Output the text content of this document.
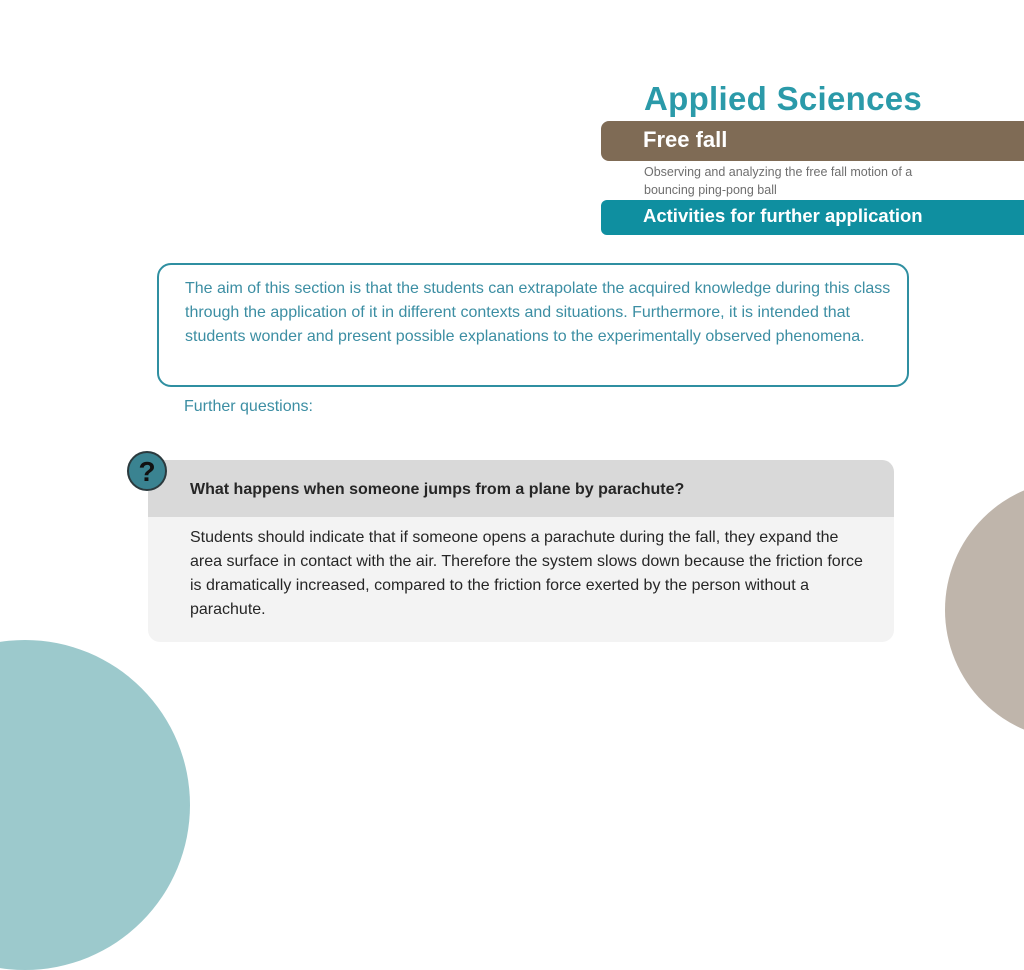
Applied Sciences
Free fall
Observing and analyzing the free fall motion of a bouncing ping-pong ball
Activities for further application

The aim of this section is that the students can extrapolate the acquired knowledge during this class through the application of it in different contexts and situations. Furthermore, it is intended that students wonder and present possible explanations to the experimentally observed phenomena.

Further questions:
What happens when someone jumps from a plane by parachute?
Students should indicate that if someone opens a parachute during the fall, they expand the area surface in contact with the air. Therefore the system slows down because the friction force is dramatically increased, compared to the friction force exerted by the person without a parachute.
?
